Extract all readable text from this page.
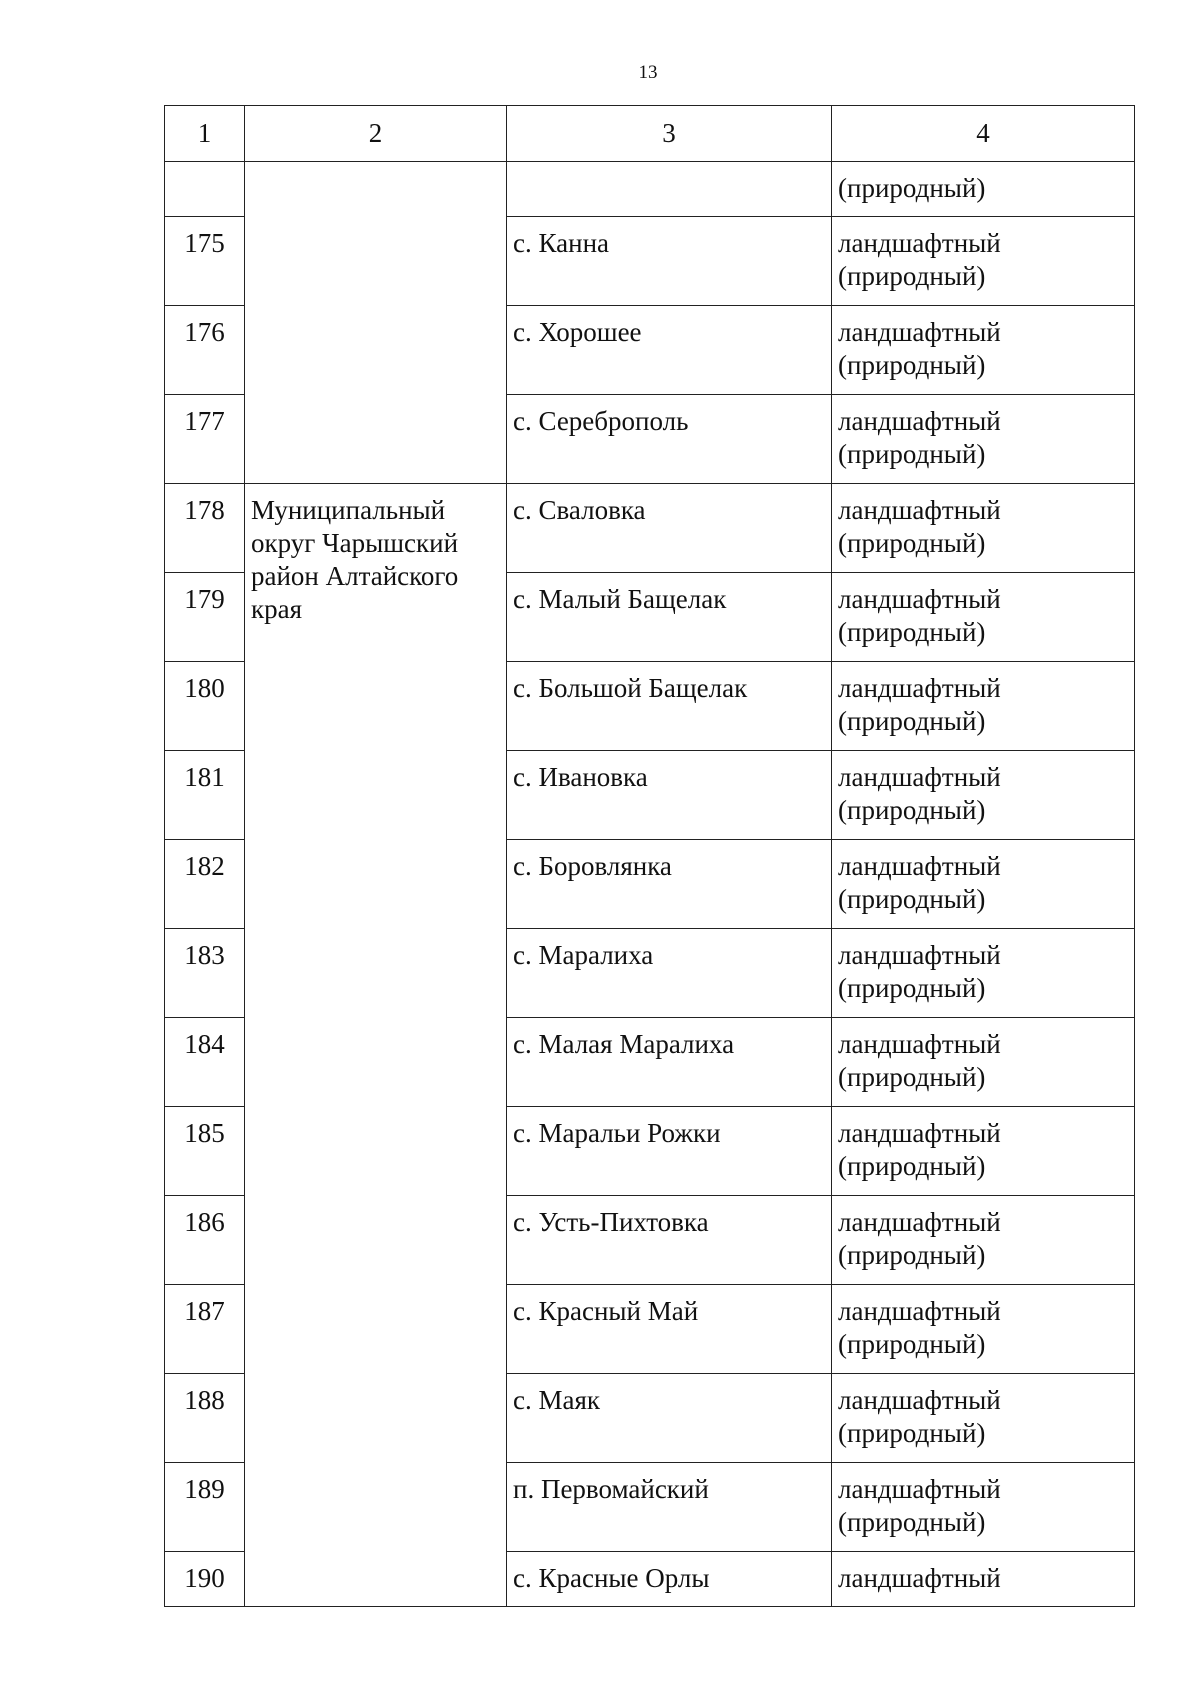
13
1	2	3	4
			(природный)
175		с. Канна	ландшафтный (природный)
176		с. Хорошее	ландшафтный (природный)
177		с. Сереброполь	ландшафтный (природный)
178	Муниципальный округ Чарышский район Алтайского края	с. Сваловка	ландшафтный (природный)
179		с. Малый Бащелак	ландшафтный (природный)
180		с. Большой Бащелак	ландшафтный (природный)
181		с. Ивановка	ландшафтный (природный)
182		с. Боровлянка	ландшафтный (природный)
183		с. Маралиха	ландшафтный (природный)
184		с. Малая Маралиха	ландшафтный (природный)
185		с. Маральи Рожки	ландшафтный (природный)
186		с. Усть-Пихтовка	ландшафтный (природный)
187		с. Красный Май	ландшафтный (природный)
188		с. Маяк	ландшафтный (природный)
189		п. Первомайский	ландшафтный (природный)
190		с. Красные Орлы	ландшафтный
